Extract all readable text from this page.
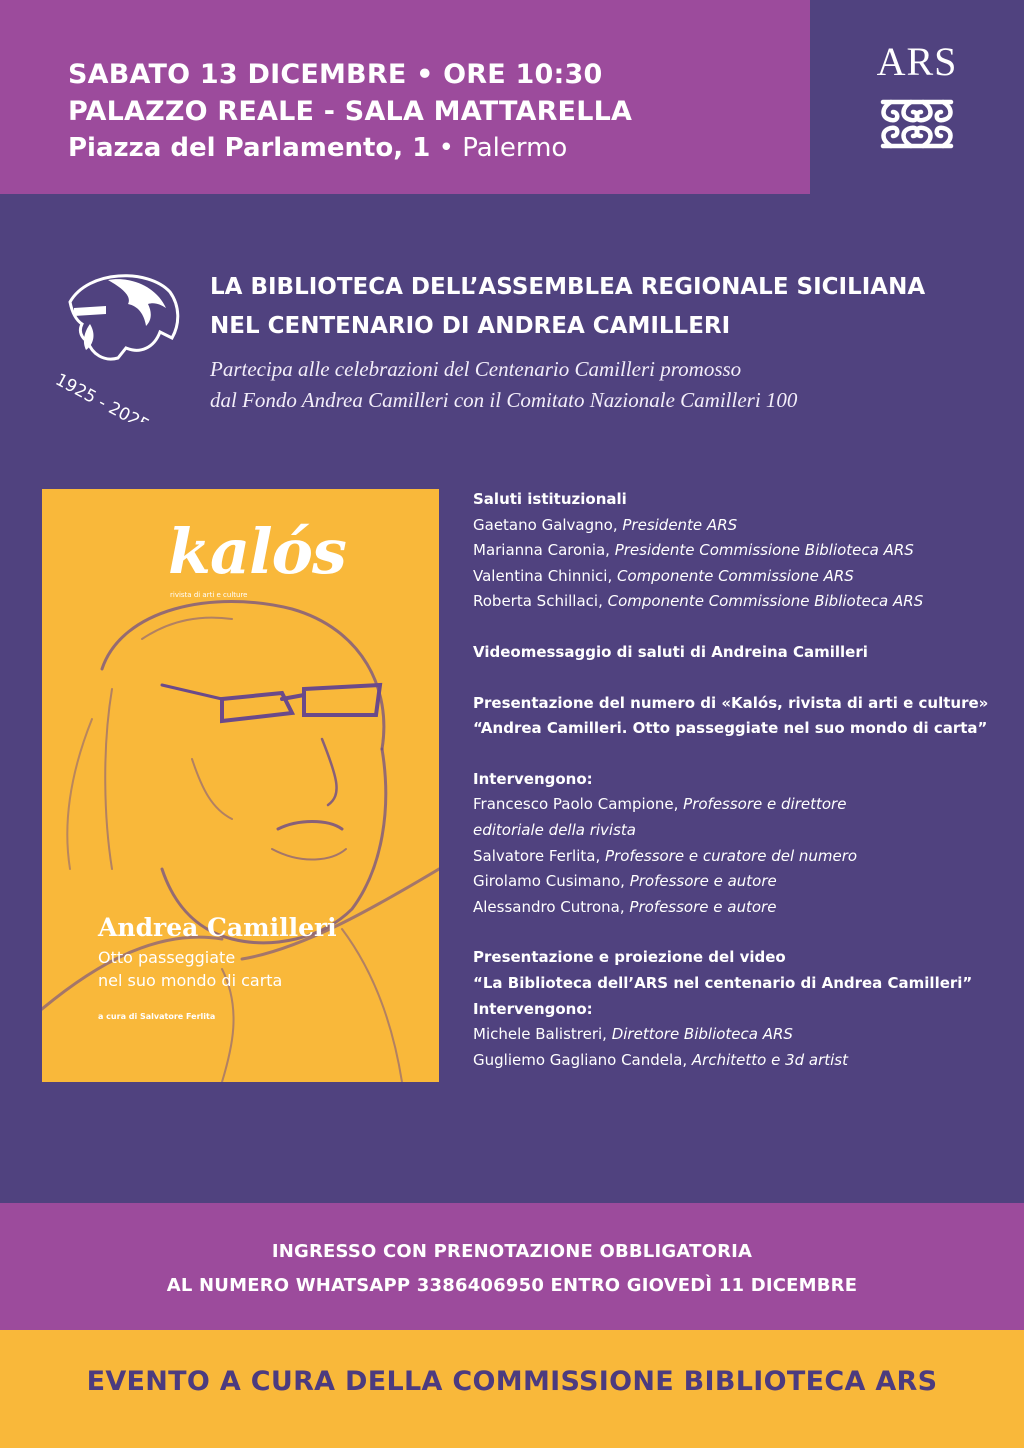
SABATO 13 DICEMBRE • ORE 10:30
PALAZZO REALE - SALA MATTARELLA
Piazza del Parlamento, 1 • Palermo
ARS
1925 - 2025
LA BIBLIOTECA DELL’ASSEMBLEA REGIONALE SICILIANA
NEL CENTENARIO DI ANDREA CAMILLERI
Partecipa alle celebrazioni del Centenario Camilleri promosso
dal Fondo Andrea Camilleri con il Comitato Nazionale Camilleri 100
kalós
rivista di arti e culture
Andrea Camilleri
Otto passeggiate
nel suo mondo di carta
a cura di Salvatore Ferlita
Saluti istituzionali
Gaetano Galvagno, Presidente ARS
Marianna Caronia, Presidente Commissione Biblioteca ARS
Valentina Chinnici, Componente Commissione ARS
Roberta Schillaci, Componente Commissione Biblioteca ARS
Videomessaggio di saluti di Andreina Camilleri
Presentazione del numero di «Kalós, rivista di arti e culture»
“Andrea Camilleri. Otto passeggiate nel suo mondo di carta”
Intervengono:
Francesco Paolo Campione, Professore e direttore
editoriale della rivista
Salvatore Ferlita, Professore e curatore del numero
Girolamo Cusimano, Professore e autore
Alessandro Cutrona, Professore e autore
Presentazione e proiezione del video
“La Biblioteca dell’ARS nel centenario di Andrea Camilleri”
Intervengono:
Michele Balistreri, Direttore Biblioteca ARS
Gugliemo Gagliano Candela, Architetto e 3d artist
INGRESSO CON PRENOTAZIONE OBBLIGATORIA
AL NUMERO WHATSAPP 3386406950 ENTRO GIOVEDÌ 11 DICEMBRE
EVENTO A CURA DELLA COMMISSIONE BIBLIOTECA ARS
